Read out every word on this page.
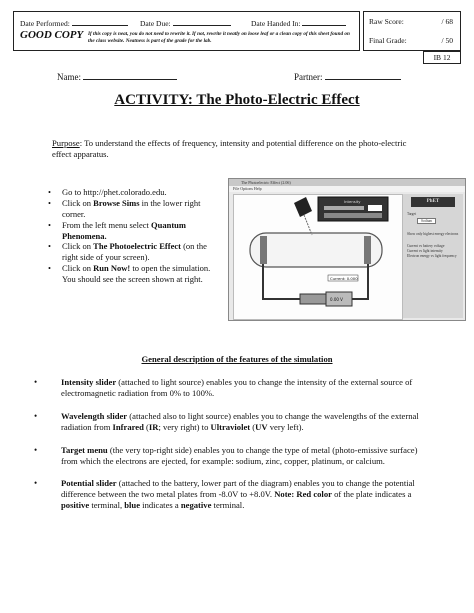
Date Performed:	Date Due:	Date Handed In:
GOOD COPY If this copy is neat, you do not need to rewrite it. If not, rewrite it neatly on loose leaf or a clean copy of this sheet found on the class website. Neatness is part of the grade for the lab.
Raw Score:	/ 68
Final Grade:	/ 50
IB 12
Name:	Partner:
ACTIVITY: The Photo-Electric Effect
Purpose: To understand the effects of frequency, intensity and potential difference on the photo-electric effect apparatus.
• Go to http://phet.colorado.edu.
• Click on Browse Sims in the lower right corner.
• From the left menu select Quantum Phenomena.
• Click on The Photoelectric Effect (on the right side of your screen).
• Click on Run Now! to open the simulation. You should see the screen shown at right.
The Photoelectric Effect (2.06)
File Options Help
0.00 V
Intensity
Current: 0.000
PhET
Target
Sodium
Show only highest energy electrons
Current vs battery voltage
Current vs light intensity
Electron energy vs light frequency
General description of the features of the simulation
•	Intensity slider (attached to light source) enables you to change the intensity of the external source of electromagnetic radiation from 0% to 100%.
•	Wavelength slider (attached also to light source) enables you to change the wavelengths of the external radiation from Infrared (IR; very right) to Ultraviolet (UV very left).
•	Target menu (the very top-right side) enables you to change the type of metal (photo-emissive surface) from which the electrons are ejected, for example: sodium, zinc, copper, platinum, or calcium.
•	Potential slider (attached to the battery, lower part of the diagram) enables you to change the potential difference between the two metal plates from -8.0V to +8.0V. Note: Red color of the plate indicates a positive terminal, blue indicates a negative terminal.
